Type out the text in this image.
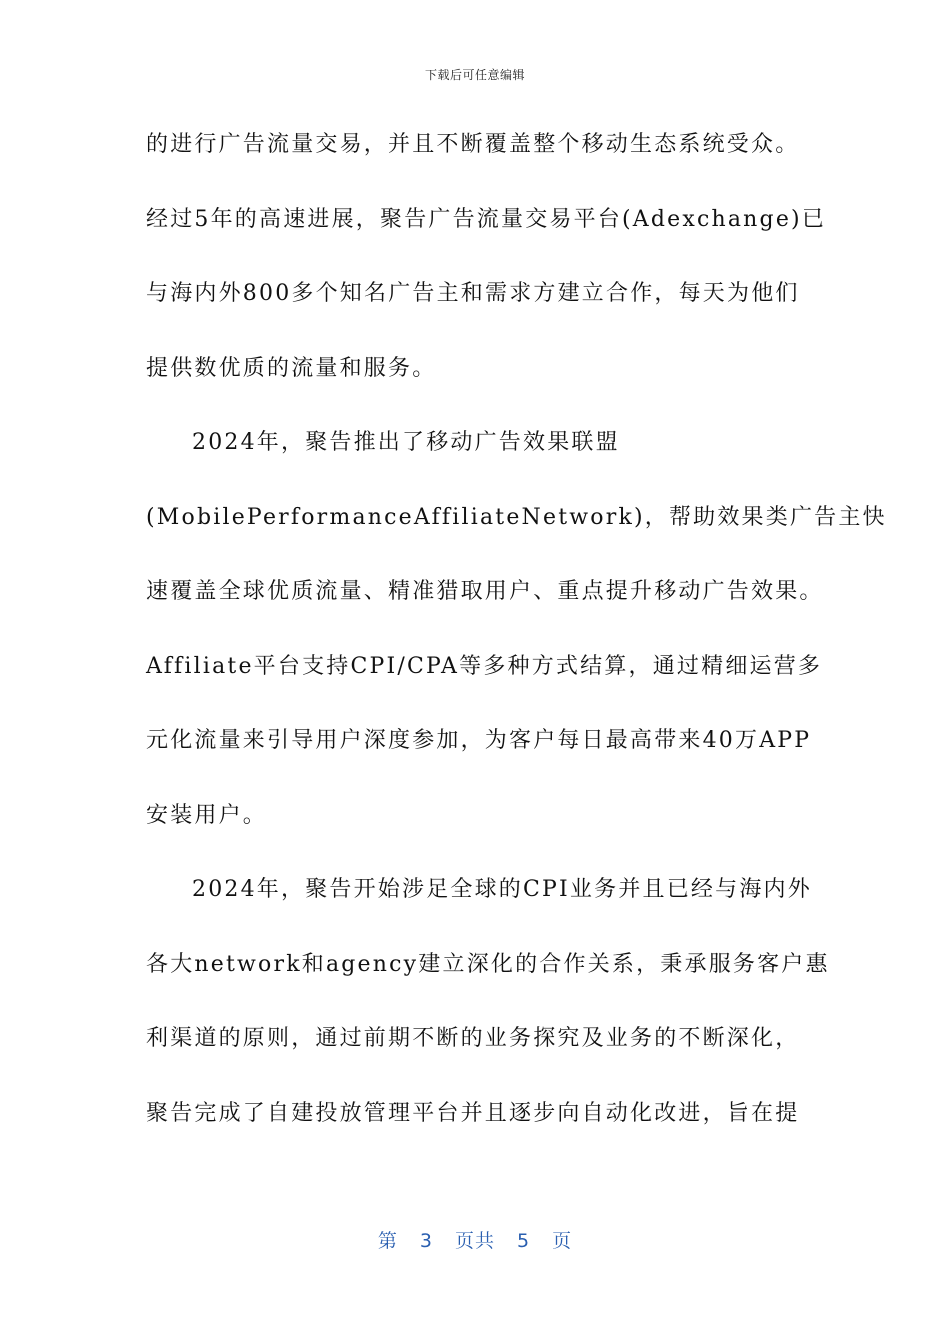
下载后可任意编辑
的进行广告流量交易，并且不断覆盖整个移动生态系统受众。
经过5年的高速进展，聚告广告流量交易平台(Adexchange)已
与海内外800多个知名广告主和需求方建立合作，每天为他们
提供数优质的流量和服务。
2024年，聚告推出了移动广告效果联盟
(MobilePerformanceAffiliateNetwork)，帮助效果类广告主快
速覆盖全球优质流量、精准猎取用户、重点提升移动广告效果。
Affiliate平台支持CPI/CPA等多种方式结算，通过精细运营多
元化流量来引导用户深度参加，为客户每日最高带来40万APP
安装用户。
2024年，聚告开始涉足全球的CPI业务并且已经与海内外
各大network和agency建立深化的合作关系，秉承服务客户惠
利渠道的原则，通过前期不断的业务探究及业务的不断深化，
聚告完成了自建投放管理平台并且逐步向自动化改进，旨在提
第 3 页共 5 页
